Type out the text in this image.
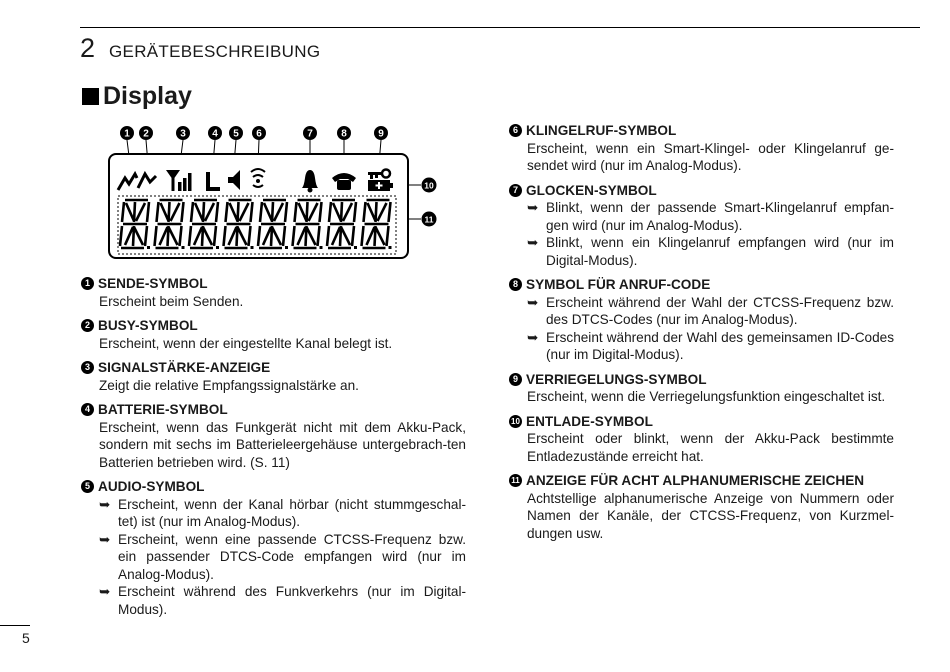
2 GERÄTEBESCHREIBUNG
Display
1 2	3	4 5 6	7	8	9
10
11
1 SENDE-SYMBOL
Erscheint beim Senden.
2 BUSY-SYMBOL
Erscheint, wenn der eingestellte Kanal belegt ist.
3 SIGNALSTÄRKE-ANZEIGE
Zeigt die relative Empfangssignalstärke an.
4 BATTERIE-SYMBOL
Erscheint, wenn das Funkgerät nicht mit dem Akku-Pack, sondern mit sechs im Batterieleergehäuse untergebrach-ten Batterien betrieben wird. (S. 11)
5 AUDIO-SYMBOL
➥ Erscheint, wenn der Kanal hörbar (nicht stummgeschal-tet) ist (nur im Analog-Modus).
➥ Erscheint, wenn eine passende CTCSS-Frequenz bzw. ein passender DTCS-Code empfangen wird (nur im Analog-Modus).
➥ Erscheint während des Funkverkehrs (nur im Digital-Modus).
6 KLINGELRUF-SYMBOL
Erscheint, wenn ein Smart-Klingel- oder Klingelanruf ge-sendet wird (nur im Analog-Modus).
7 GLOCKEN-SYMBOL
➥ Blinkt, wenn der passende Smart-Klingelanruf empfan-gen wird (nur im Analog-Modus).
➥ Blinkt, wenn ein Klingelanruf empfangen wird (nur im Digital-Modus).
8 SYMBOL FÜR ANRUF-CODE
➥ Erscheint während der Wahl der CTCSS-Frequenz bzw. des DTCS-Codes (nur im Analog-Modus).
➥ Erscheint während der Wahl des gemeinsamen ID-Codes (nur im Digital-Modus).
9 VERRIEGELUNGS-SYMBOL
Erscheint, wenn die Verriegelungsfunktion eingeschaltet ist.
10 ENTLADE-SYMBOL
Erscheint oder blinkt, wenn der Akku-Pack bestimmte Entladezustände erreicht hat.
11 ANZEIGE FÜR ACHT ALPHANUMERISCHE ZEICHEN
Achtstellige alphanumerische Anzeige von Nummern oder Namen der Kanäle, der CTCSS-Frequenz, von Kurzmel-dungen usw.
5
